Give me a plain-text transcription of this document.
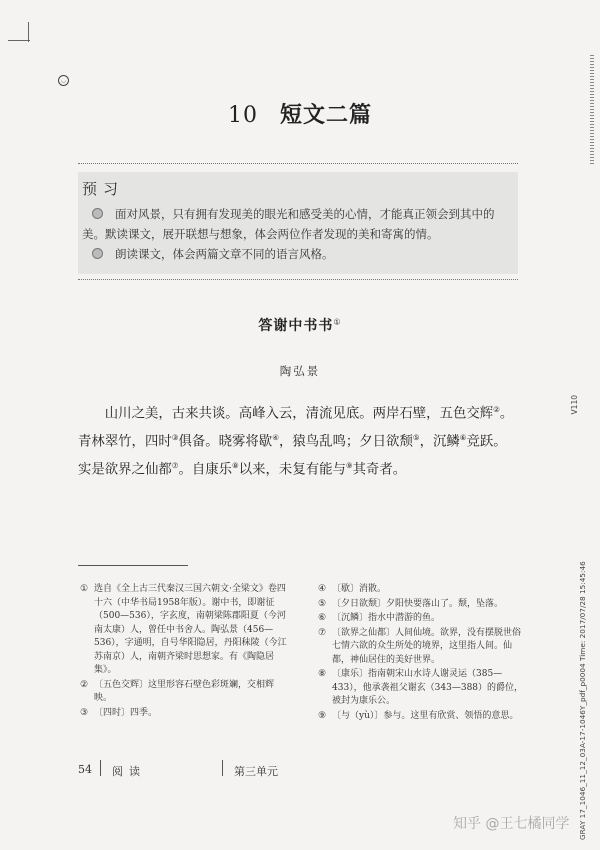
◡
10 短文二篇
预习

面对风景，只有拥有发现美的眼光和感受美的心情，才能真正领会到其中的美。默读课文，展开联想与想象，体会两位作者发现的美和寄寓的情。

朗读课文，体会两篇文章不同的语言风格。

答谢中书书①
陶弘景

山川之美，古来共谈。高峰入云，清流见底。两岸石壁，五色交辉②。青林翠竹，四时③俱备。晓雾将歇④，猿鸟乱鸣；夕日欲颓⑤，沉鳞⑥竞跃。实是欲界之仙都⑦。自康乐⑧以来，未复有能与⑨其奇者。

① 选自《全上古三代秦汉三国六朝文·全梁文》卷四十六（中华书局1958年版）。谢中书，即谢征（500—536），字玄度，南朝梁陈郡阳夏（今河南太康）人，曾任中书舍人。陶弘景（456—536），字通明，自号华阳隐居，丹阳秣陵（今江苏南京）人，南朝齐梁时思想家。有《陶隐居集》。
② 〔五色交辉〕这里形容石壁色彩斑斓，交相辉映。
③ 〔四时〕四季。
④ 〔歇〕消散。
⑤ 〔夕日欲颓〕夕阳快要落山了。颓，坠落。
⑥ 〔沉鳞〕指水中潜游的鱼。
⑦ 〔欲界之仙都〕人间仙境。欲界，没有摆脱世俗七情六欲的众生所处的境界，这里指人间。仙都，神仙居住的美好世界。
⑧ 〔康乐〕指南朝宋山水诗人谢灵运（385—433），他承袭祖父谢玄（343—388）的爵位，被封为康乐公。
⑨ 〔与（yù）〕参与。这里有欣赏、领悟的意思。
54 阅读	第三单元
V110
GRAY 17_1046_11_12_03A-17-1046Y_pdf_p0004 Time: 2017/07/28 15:45:46
知乎 @王七橘同学
